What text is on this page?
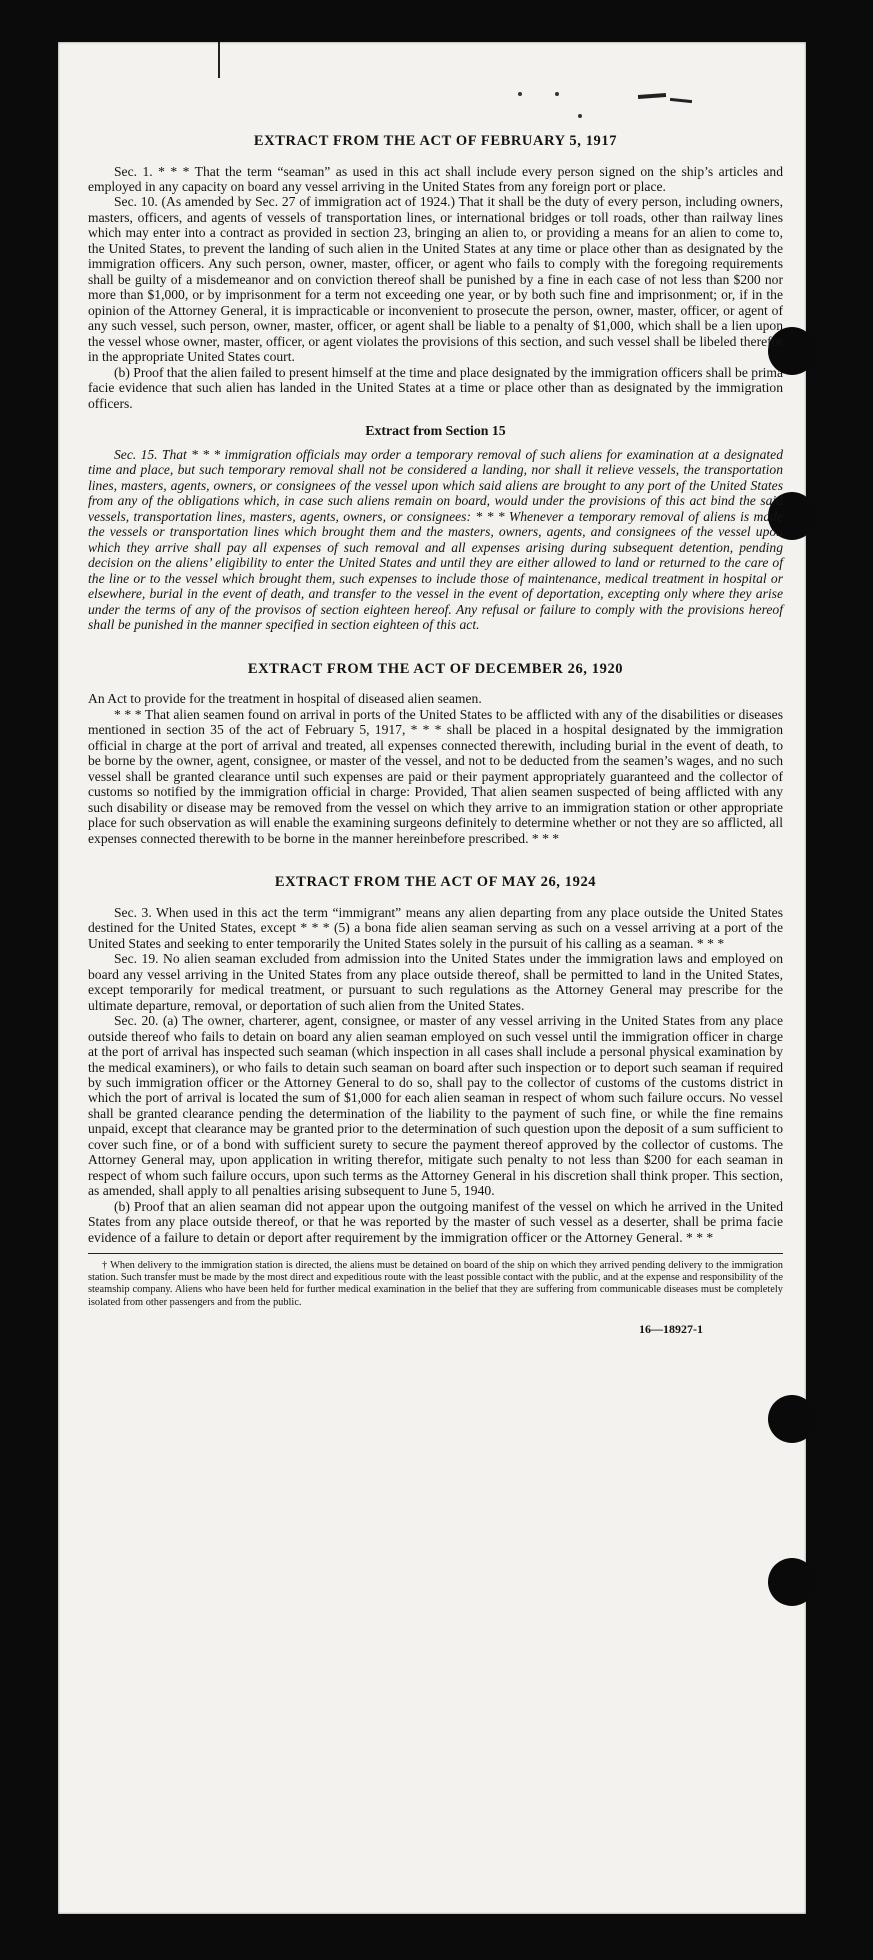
EXTRACT FROM THE ACT OF FEBRUARY 5, 1917

Sec. 1. * * * That the term “seaman” as used in this act shall include every person signed on the ship’s articles and employed in any capacity on board any vessel arriving in the United States from any foreign port or place.

Sec. 10. (As amended by Sec. 27 of immigration act of 1924.) That it shall be the duty of every person, including owners, masters, officers, and agents of vessels of transportation lines, or international bridges or toll roads, other than railway lines which may enter into a contract as provided in section 23, bringing an alien to, or providing a means for an alien to come to, the United States, to prevent the landing of such alien in the United States at any time or place other than as designated by the immigration officers. Any such person, owner, master, officer, or agent who fails to comply with the foregoing requirements shall be guilty of a misdemeanor and on conviction thereof shall be punished by a fine in each case of not less than $200 nor more than $1,000, or by imprisonment for a term not exceeding one year, or by both such fine and imprisonment; or, if in the opinion of the Attorney General, it is impracticable or inconvenient to prosecute the person, owner, master, officer, or agent of any such vessel, such person, owner, master, officer, or agent shall be liable to a penalty of $1,000, which shall be a lien upon the vessel whose owner, master, officer, or agent violates the provisions of this section, and such vessel shall be libeled therefor in the appropriate United States court.

(b) Proof that the alien failed to present himself at the time and place designated by the immigration officers shall be prima facie evidence that such alien has landed in the United States at a time or place other than as designated by the immigration officers.

Extract from Section 15

Sec. 15. That * * * immigration officials may order a temporary removal of such aliens for examination at a designated time and place, but such temporary removal shall not be considered a landing, nor shall it relieve vessels, the transportation lines, masters, agents, owners, or consignees of the vessel upon which said aliens are brought to any port of the United States from any of the obligations which, in case such aliens remain on board, would under the provisions of this act bind the said vessels, transportation lines, masters, agents, owners, or consignees: * * * Whenever a temporary removal of aliens is made the vessels or transportation lines which brought them and the masters, owners, agents, and consignees of the vessel upon which they arrive shall pay all expenses of such removal and all expenses arising during subsequent detention, pending decision on the aliens’ eligibility to enter the United States and until they are either allowed to land or returned to the care of the line or to the vessel which brought them, such expenses to include those of maintenance, medical treatment in hospital or elsewhere, burial in the event of death, and transfer to the vessel in the event of deportation, excepting only where they arise under the terms of any of the provisos of section eighteen hereof. Any refusal or failure to comply with the provisions hereof shall be punished in the manner specified in section eighteen of this act.

EXTRACT FROM THE ACT OF DECEMBER 26, 1920

An Act to provide for the treatment in hospital of diseased alien seamen.

* * * That alien seamen found on arrival in ports of the United States to be afflicted with any of the disabilities or diseases mentioned in section 35 of the act of February 5, 1917, * * * shall be placed in a hospital designated by the immigration official in charge at the port of arrival and treated, all expenses connected therewith, including burial in the event of death, to be borne by the owner, agent, consignee, or master of the vessel, and not to be deducted from the seamen’s wages, and no such vessel shall be granted clearance until such expenses are paid or their payment appropriately guaranteed and the collector of customs so notified by the immigration official in charge: Provided, That alien seamen suspected of being afflicted with any such disability or disease may be removed from the vessel on which they arrive to an immigration station or other appropriate place for such observation as will enable the examining surgeons definitely to determine whether or not they are so afflicted, all expenses connected therewith to be borne in the manner hereinbefore prescribed. * * *

EXTRACT FROM THE ACT OF MAY 26, 1924

Sec. 3. When used in this act the term “immigrant” means any alien departing from any place outside the United States destined for the United States, except * * * (5) a bona fide alien seaman serving as such on a vessel arriving at a port of the United States and seeking to enter temporarily the United States solely in the pursuit of his calling as a seaman. * * *

Sec. 19. No alien seaman excluded from admission into the United States under the immigration laws and employed on board any vessel arriving in the United States from any place outside thereof, shall be permitted to land in the United States, except temporarily for medical treatment, or pursuant to such regulations as the Attorney General may prescribe for the ultimate departure, removal, or deportation of such alien from the United States.

Sec. 20. (a) The owner, charterer, agent, consignee, or master of any vessel arriving in the United States from any place outside thereof who fails to detain on board any alien seaman employed on such vessel until the immigration officer in charge at the port of arrival has inspected such seaman (which inspection in all cases shall include a personal physical examination by the medical examiners), or who fails to detain such seaman on board after such inspection or to deport such seaman if required by such immigration officer or the Attorney General to do so, shall pay to the collector of customs of the customs district in which the port of arrival is located the sum of $1,000 for each alien seaman in respect of whom such failure occurs. No vessel shall be granted clearance pending the determination of the liability to the payment of such fine, or while the fine remains unpaid, except that clearance may be granted prior to the determination of such question upon the deposit of a sum sufficient to cover such fine, or of a bond with sufficient surety to secure the payment thereof approved by the collector of customs. The Attorney General may, upon application in writing therefor, mitigate such penalty to not less than $200 for each seaman in respect of whom such failure occurs, upon such terms as the Attorney General in his discretion shall think proper. This section, as amended, shall apply to all penalties arising subsequent to June 5, 1940.

(b) Proof that an alien seaman did not appear upon the outgoing manifest of the vessel on which he arrived in the United States from any place outside thereof, or that he was reported by the master of such vessel as a deserter, shall be prima facie evidence of a failure to detain or deport after requirement by the immigration officer or the Attorney General. * * *

† When delivery to the immigration station is directed, the aliens must be detained on board of the ship on which they arrived pending delivery to the immigration station. Such transfer must be made by the most direct and expeditious route with the least possible contact with the public, and at the expense and responsibility of the steamship company. Aliens who have been held for further medical examination in the belief that they are suffering from communicable diseases must be completely isolated from other passengers and from the public.

16—18927-1
